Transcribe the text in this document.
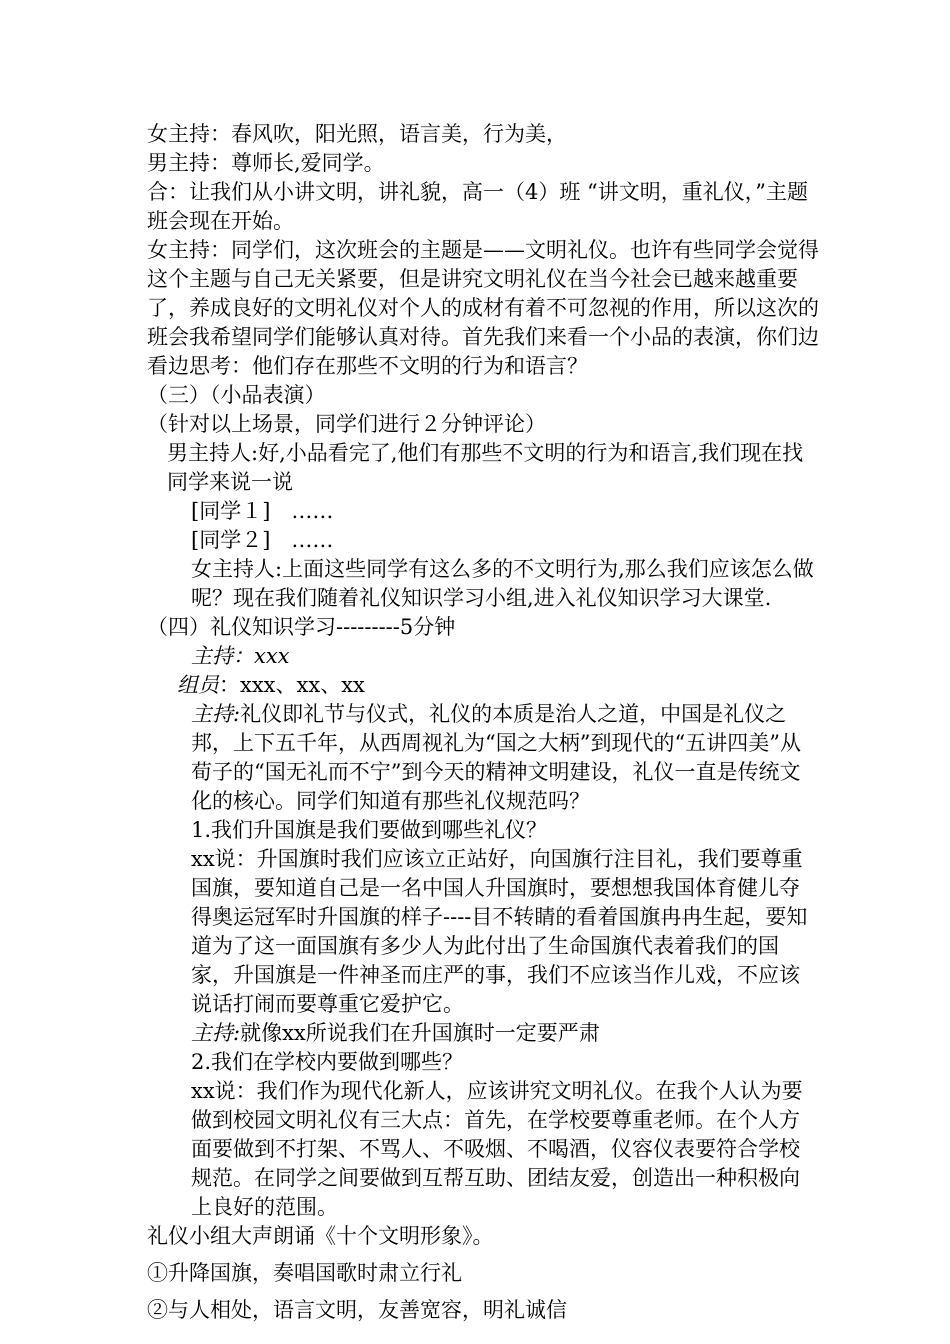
女主持：春风吹，阳光照，语言美，行为美，

男主持：尊师长,爱同学。

合：让我们从小讲文明，讲礼貌，高一（4）班 “讲文明，重礼仪，”主题班会现在开始。

女主持：同学们，这次班会的主题是——文明礼仪。也许有些同学会觉得这个主题与自己无关紧要，但是讲究文明礼仪在当今社会已越来越重要了，养成良好的文明礼仪对个人的成材有着不可忽视的作用，所以这次的班会我希望同学们能够认真对待。首先我们来看一个小品的表演，你们边看边思考：他们存在那些不文明的行为和语言？

（三）（小品表演）

（针对以上场景，同学们进行２分钟评论）

男主持人:好,小品看完了,他们有那些不文明的行为和语言,我们现在找同学来说一说

[同学１]　……

[同学２]　……

女主持人:上面这些同学有这么多的不文明行为,那么我们应该怎么做呢？现在我们随着礼仪知识学习小组,进入礼仪知识学习大课堂.

（四）礼仪知识学习---------5分钟

主持：xxx

组员：xxx、xx、xx

主持:礼仪即礼节与仪式，礼仪的本质是治人之道，中国是礼仪之邦，上下五千年，从西周视礼为“国之大柄”到现代的“五讲四美”从荀子的“国无礼而不宁”到今天的精神文明建设，礼仪一直是传统文化的核心。同学们知道有那些礼仪规范吗？

1.我们升国旗是我们要做到哪些礼仪？

xx说：升国旗时我们应该立正站好，向国旗行注目礼，我们要尊重国旗，要知道自己是一名中国人升国旗时，要想想我国体育健儿夺得奥运冠军时升国旗的样子----目不转睛的看着国旗冉冉生起，要知道为了这一面国旗有多少人为此付出了生命国旗代表着我们的国家，升国旗是一件神圣而庄严的事，我们不应该当作儿戏，不应该说话打闹而要尊重它爱护它。

主持:就像xx所说我们在升国旗时一定要严肃

2.我们在学校内要做到哪些？

xx说：我们作为现代化新人，应该讲究文明礼仪。在我个人认为要做到校园文明礼仪有三大点：首先，在学校要尊重老师。在个人方面要做到不打架、不骂人、不吸烟、不喝酒，仪容仪表要符合学校规范。在同学之间要做到互帮互助、团结友爱，创造出一种积极向上良好的范围。

礼仪小组大声朗诵《十个文明形象》。

①升降国旗，奏唱国歌时肃立行礼

②与人相处，语言文明，友善宽容，明礼诚信
